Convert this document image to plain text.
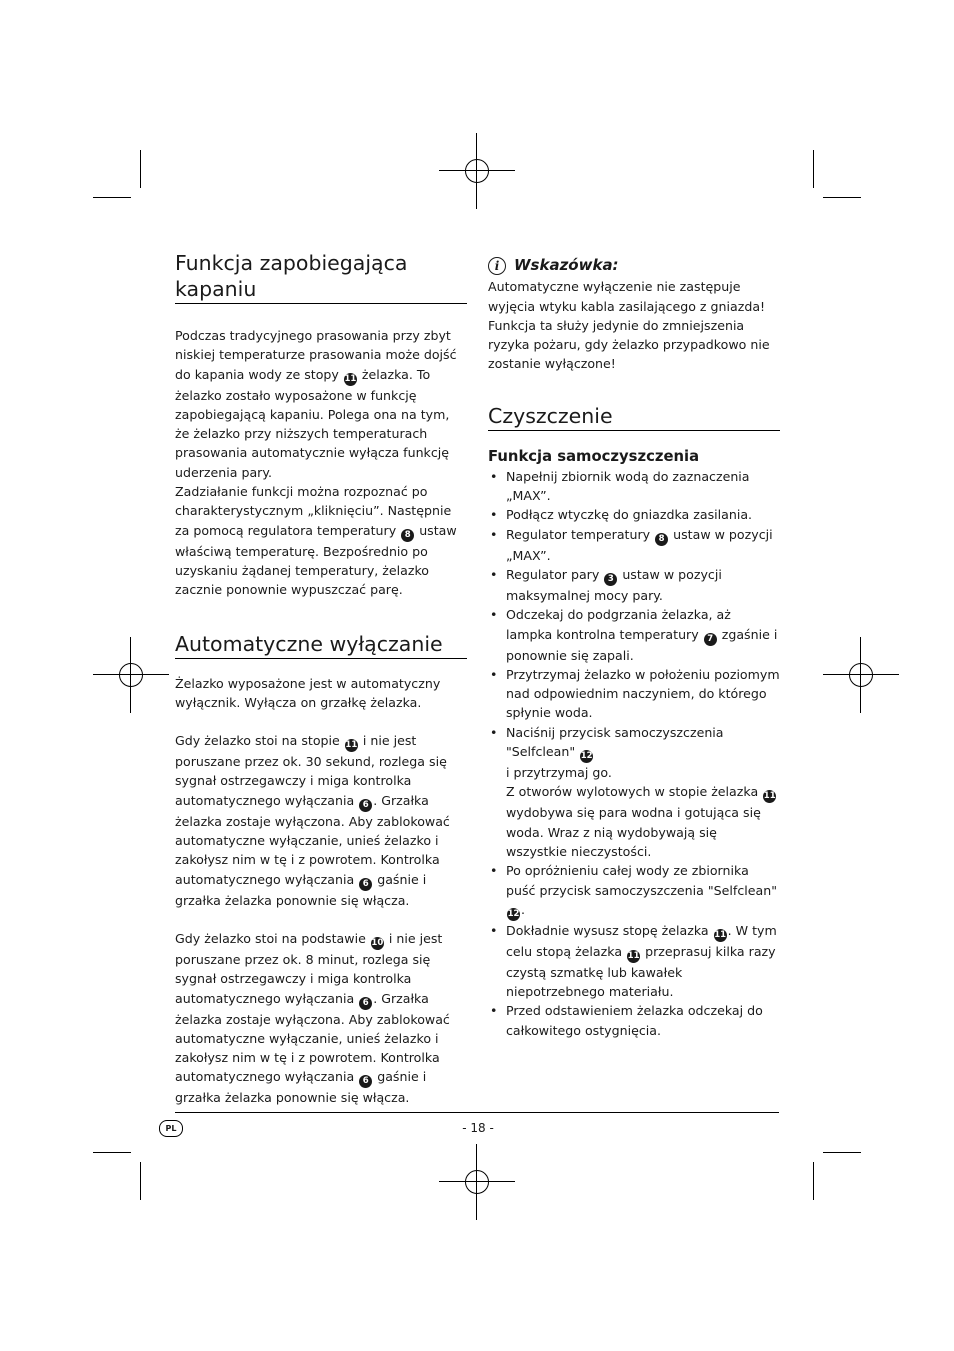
Funkcja zapobiegająca kapaniu

Podczas tradycyjnego prasowania przy zbyt niskiej temperaturze prasowania może dojść do kapania wody ze stopy 11 żelazka. To żelazko zostało wyposażone w funkcję zapobiegającą kapaniu. Polega ona na tym, że żelazko przy niższych temperaturach prasowania automatycznie wyłącza funkcję uderzenia pary.

Zadziałanie funkcji można rozpoznać po charakterystycznym „kliknięciu”. Następnie za pomocą regulatora temperatury 8 ustaw właściwą temperaturę. Bezpośrednio po uzyskaniu żądanej temperatury, żelazko zacznie ponownie wypuszczać parę.

Automatyczne wyłączanie

Żelazko wyposażone jest w automatyczny wyłącznik. Wyłącza on grzałkę żelazka.

Gdy żelazko stoi na stopie 11 i nie jest poruszane przez ok. 30 sekund, rozlega się sygnał ostrzegawczy i miga kontrolka automatycznego wyłączania 6 . Grzałka żelazka zostaje wyłączona. Aby zablokować automatyczne wyłączanie, unieś żelazko i zakołysz nim w tę i z powrotem. Kontrolka automatycznego wyłączania 6 gaśnie i grzałka żelazka ponownie się włącza.

Gdy żelazko stoi na podstawie 10 i nie jest poruszane przez ok. 8 minut, rozlega się sygnał ostrzegawczy i miga kontrolka automatycznego wyłączania 6 . Grzałka żelazka zostaje wyłączona. Aby zablokować automatyczne wyłączanie, unieś żelazko i zakołysz nim w tę i z powrotem. Kontrolka automatycznego wyłączania 6 gaśnie i grzałka żelazka ponownie się włącza.

i Wskazówka:

Automatyczne wyłączenie nie zastępuje wyjęcia wtyku kabla zasilającego z gniazda! Funkcja ta służy jedynie do zmniejszenia ryzyka pożaru, gdy żelazko przypadkowo nie zostanie wyłączone!

Czyszczenie
Funkcja samoczyszczenia
• Napełnij zbiornik wodą do zaznaczenia „MAX”.
• Podłącz wtyczkę do gniazdka zasilania.
• Regulator temperatury 8 ustaw w pozycji „MAX”.
• Regulator pary 3 ustaw w pozycji maksymalnej mocy pary.
• Odczekaj do podgrzania żelazka, aż lampka kontrolna temperatury 7 zgaśnie i ponownie się zapali.
• Przytrzymaj żelazko w położeniu poziomym nad odpowiednim naczyniem, do którego spłynie woda.
• Naciśnij przycisk samoczyszczenia "Selfclean" 12
i przytrzymaj go.
Z otworów wylotowych w stopie żelazka 11 wydobywa się para wodna i gotująca się woda. Wraz z nią wydobywają się wszystkie nieczystości.
• Po opróżnieniu całej wody ze zbiornika puść przycisk samoczyszczenia "Selfclean" 12 .
• Dokładnie wysusz stopę żelazka 11 . W tym celu stopą żelazka 11 przeprasuj kilka razy czystą szmatkę lub kawałek niepotrzebnego materiału.
• Przed odstawieniem żelazka odczekaj do całkowitego ostygnięcia.
PL	- 18 -
